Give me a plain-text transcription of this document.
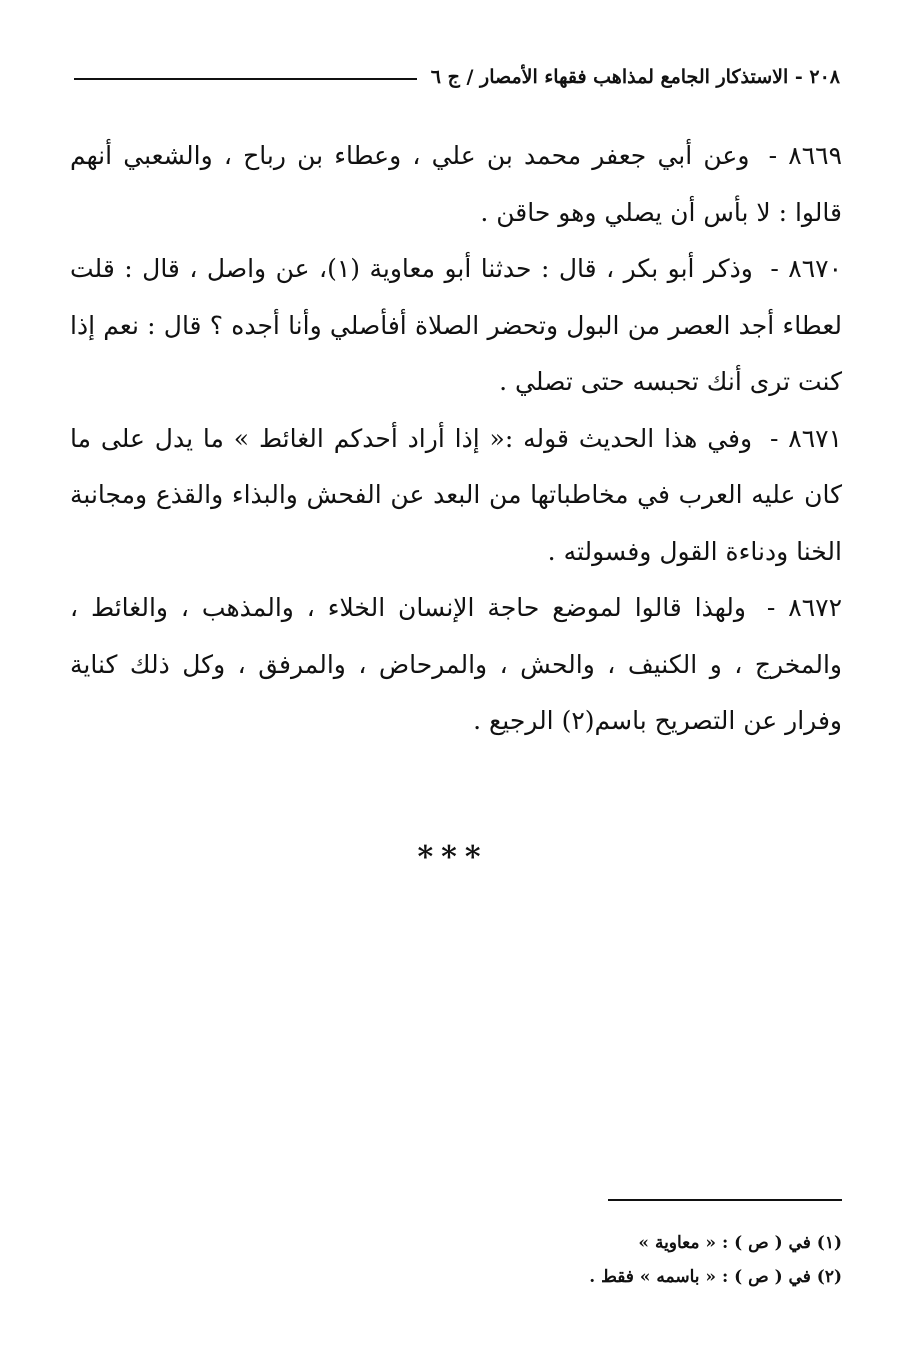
٢٠٨ - الاستذكار الجامع لمذاهب فقهاء الأمصار / ج ٦

٨٦٦٩ - وعن أبي جعفر محمد بن علي ، وعطاء بن رباح ، والشعبي أنهم قالوا : لا بأس أن يصلي وهو حاقن .

٨٦٧٠ - وذكر أبو بكر ، قال : حدثنا أبو معاوية (١)، عن واصل ، قال : قلت لعطاء أجد العصر من البول وتحضر الصلاة أفأصلي وأنا أجده ؟ قال : نعم إذا كنت ترى أنك تحبسه حتى تصلي .

٨٦٧١ - وفي هذا الحديث قوله :« إذا أراد أحدكم الغائط » ما يدل على ما كان عليه العرب في مخاطباتها من البعد عن الفحش والبذاء والقذع ومجانبة الخنا ودناءة القول وفسولته .

٨٦٧٢ - ولهذا قالوا لموضع حاجة الإنسان الخلاء ، والمذهب ، والغائط ، والمخرج ، و الكنيف ، والحش ، والمرحاض ، والمرفق ، وكل ذلك كناية وفرار عن التصريح باسم(٢) الرجيع .

***

(١) في ( ص ) : « معاوية »

(٢) في ( ص ) : « باسمه » فقط .
